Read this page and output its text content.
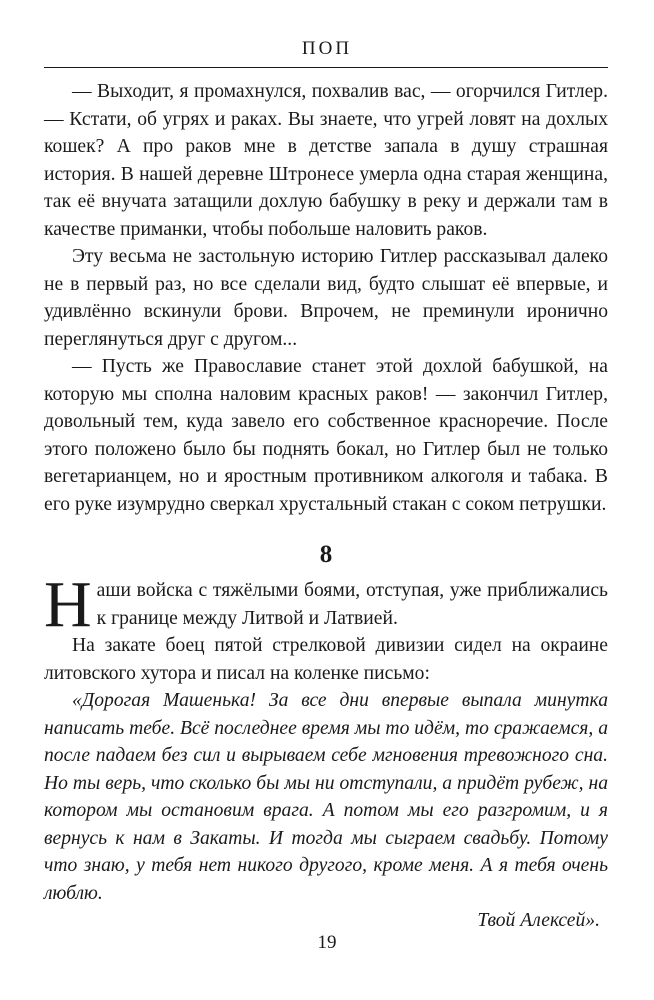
ПОП

— Выходит, я промахнулся, похвалив вас, — огорчился Гитлер. — Кстати, об угрях и раках. Вы знаете, что угрей ловят на дохлых кошек? А про раков мне в детстве запала в душу страшная история. В нашей деревне Штронесе умерла одна старая женщина, так её внучата затащили дохлую бабушку в реку и держали там в качестве приманки, чтобы побольше наловить раков.

Эту весьма не застольную историю Гитлер рассказывал далеко не в первый раз, но все сделали вид, будто слышат её впервые, и удивлённо вскинули брови. Впрочем, не преминули иронично переглянуться друг с другом...

— Пусть же Православие станет этой дохлой бабушкой, на которую мы сполна наловим красных раков! — закончил Гитлер, довольный тем, куда завело его собственное красноречие. После этого положено было бы поднять бокал, но Гитлер был не только вегетарианцем, но и яростным противником алкоголя и табака. В его руке изумрудно сверкал хрустальный стакан с соком петрушки.

8

Наши войска с тяжёлыми боями, отступая, уже приближались к границе между Литвой и Латвией.

На закате боец пятой стрелковой дивизии сидел на окраине литовского хутора и писал на коленке письмо:

«Дорогая Машенька! За все дни впервые выпала минутка написать тебе. Всё последнее время мы то идём, то сражаемся, а после падаем без сил и вырываем себе мгновения тревожного сна. Но ты верь, что сколько бы мы ни отступали, а придёт рубеж, на котором мы остановим врага. А потом мы его разгромим, и я вернусь к нам в Закаты. И тогда мы сыграем свадьбу. Потому что знаю, у тебя нет никого другого, кроме меня. А я тебя очень люблю.

Твой Алексей».

19
